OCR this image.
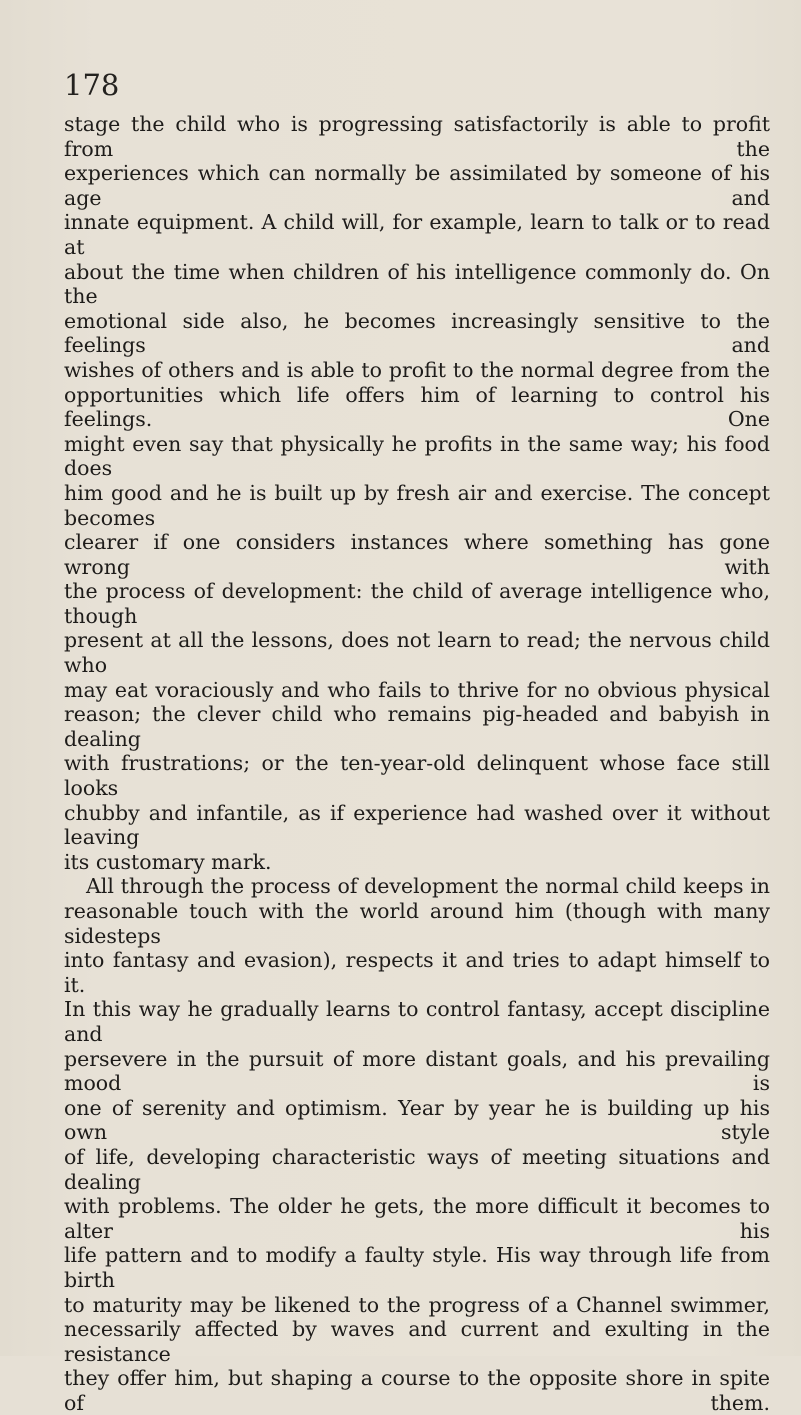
178

stage the child who is progressing satisfactorily is able to profit from the

experiences which can normally be assimilated by someone of his age and

innate equipment. A child will, for example, learn to talk or to read at

about the time when children of his intelligence commonly do. On the

emotional side also, he becomes increasingly sensitive to the feelings and

wishes of others and is able to profit to the normal degree from the

opportunities which life offers him of learning to control his feelings. One

might even say that physically he profits in the same way; his food does

him good and he is built up by fresh air and exercise. The concept becomes

clearer if one considers instances where something has gone wrong with

the process of development: the child of average intelligence who, though

present at all the lessons, does not learn to read; the nervous child who

may eat voraciously and who fails to thrive for no obvious physical

reason; the clever child who remains pig-headed and babyish in dealing

with frustrations; or the ten-year-old delinquent whose face still looks

chubby and infantile, as if experience had washed over it without leaving

its customary mark.

All through the process of development the normal child keeps in

reasonable touch with the world around him (though with many sidesteps

into fantasy and evasion), respects it and tries to adapt himself to it.

In this way he gradually learns to control fantasy, accept discipline and

persevere in the pursuit of more distant goals, and his prevailing mood is

one of serenity and optimism. Year by year he is building up his own style

of life, developing characteristic ways of meeting situations and dealing

with problems. The older he gets, the more difficult it becomes to alter his

life pattern and to modify a faulty style. His way through life from birth

to maturity may be likened to the progress of a Channel swimmer,

necessarily affected by waves and current and exulting in the resistance

they offer him, but shaping a course to the opposite shore in spite of them.
